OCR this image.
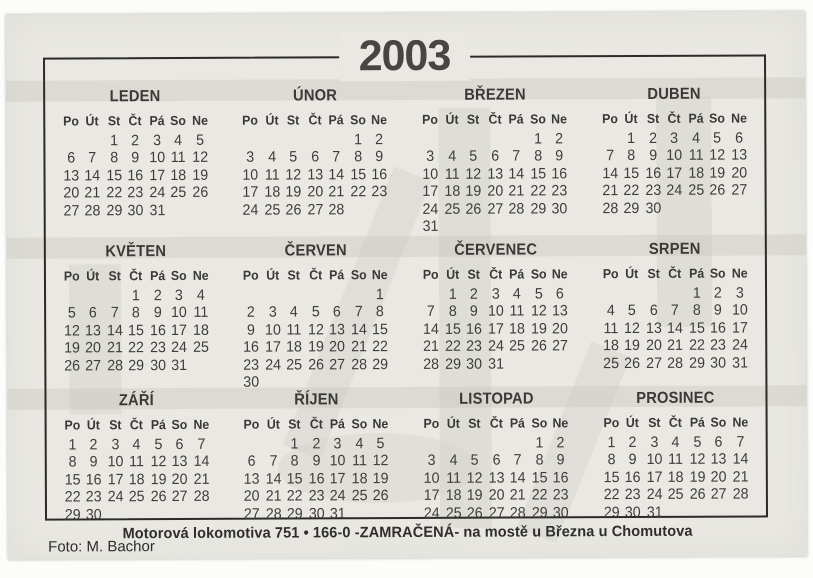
2003
LEDEN
Po Út St Čt Pá So Ne
1 2 3 4 5
6 7 8 9 10 11 12
13 14 15 16 17 18 19
20 21 22 23 24 25 26
27 28 29 30 31
ÚNOR
Po Út St Čt Pá So Ne
1 2
3 4 5 6 7 8 9
10 11 12 13 14 15 16
17 18 19 20 21 22 23
24 25 26 27 28
BŘEZEN
Po Út St Čt Pá So Ne
1 2
3 4 5 6 7 8 9
10 11 12 13 14 15 16
17 18 19 20 21 22 23
24 25 26 27 28 29 30
31
DUBEN
Po Út St Čt Pá So Ne
1 2 3 4 5 6
7 8 9 10 11 12 13
14 15 16 17 18 19 20
21 22 23 24 25 26 27
28 29 30
KVĚTEN
Po Út St Čt Pá So Ne
1 2 3 4
5 6 7 8 9 10 11
12 13 14 15 16 17 18
19 20 21 22 23 24 25
26 27 28 29 30 31
ČERVEN
Po Út St Čt Pá So Ne
1
2 3 4 5 6 7 8
9 10 11 12 13 14 15
16 17 18 19 20 21 22
23 24 25 26 27 28 29
30
ČERVENEC
Po Út St Čt Pá So Ne
1 2 3 4 5 6
7 8 9 10 11 12 13
14 15 16 17 18 19 20
21 22 23 24 25 26 27
28 29 30 31
SRPEN
Po Út St Čt Pá So Ne
1 2 3
4 5 6 7 8 9 10
11 12 13 14 15 16 17
18 19 20 21 22 23 24
25 26 27 28 29 30 31
ZÁŘÍ
Po Út St Čt Pá So Ne
1 2 3 4 5 6 7
8 9 10 11 12 13 14
15 16 17 18 19 20 21
22 23 24 25 26 27 28
29 30
ŘÍJEN
Po Út St Čt Pá So Ne
1 2 3 4 5
6 7 8 9 10 11 12
13 14 15 16 17 18 19
20 21 22 23 24 25 26
27 28 29 30 31
LISTOPAD
Po Út St Čt Pá So Ne
1 2
3 4 5 6 7 8 9
10 11 12 13 14 15 16
17 18 19 20 21 22 23
24 25 26 27 28 29 30
PROSINEC
Po Út St Čt Pá So Ne
1 2 3 4 5 6 7
8 9 10 11 12 13 14
15 16 17 18 19 20 21
22 23 24 25 26 27 28
29 30 31
Motorová lokomotiva 751 • 166-0 -ZAMRAČENÁ- na mostě u Března u Chomutova
Foto: M. Bachor
